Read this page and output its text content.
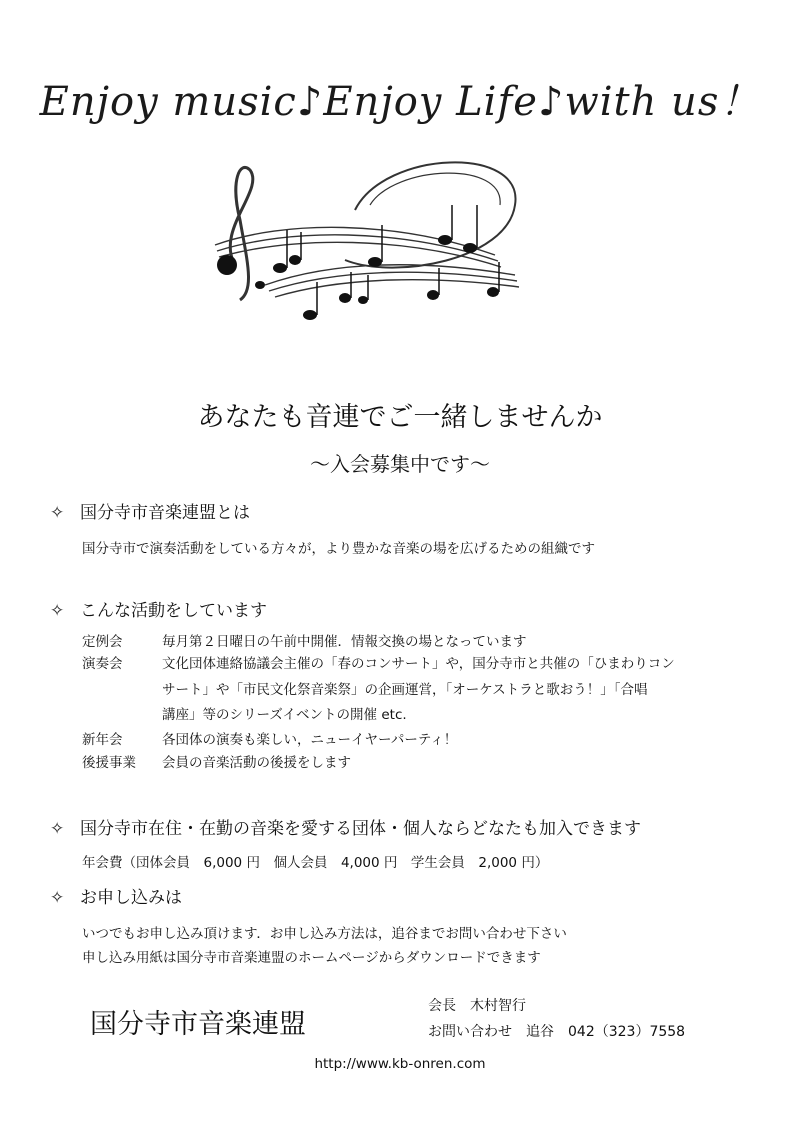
Enjoy music♪Enjoy Life♪with us！
あなたも音連でご一緒しませんか
～入会募集中です～
✧ 国分寺市音楽連盟とは
国分寺市で演奏活動をしている方々が，より豊かな音楽の場を広げるための組織です
✧ こんな活動をしています
定例会	毎月第２日曜日の午前中開催．情報交換の場となっています
演奏会	文化団体連絡協議会主催の「春のコンサート」や，国分寺市と共催の「ひまわりコン
サート」や「市民文化祭音楽祭」の企画運営，「オーケストラと歌おう！」「合唱
講座」等のシリーズイベントの開催 etc.
新年会	各団体の演奏も楽しい，ニューイヤーパーティ！
後援事業	会員の音楽活動の後援をします
✧ 国分寺市在住・在勤の音楽を愛する団体・個人ならどなたも加入できます
年会費（団体会員　6,000 円　個人会員　4,000 円　学生会員　2,000 円）
✧ お申し込みは
いつでもお申し込み頂けます．お申し込み方法は，追谷までお問い合わせ下さい
申し込み用紙は国分寺市音楽連盟のホームページからダウンロードできます
国分寺市音楽連盟
会長　木村智行
お問い合わせ　追谷　042（323）7558
http://www.kb-onren.com
